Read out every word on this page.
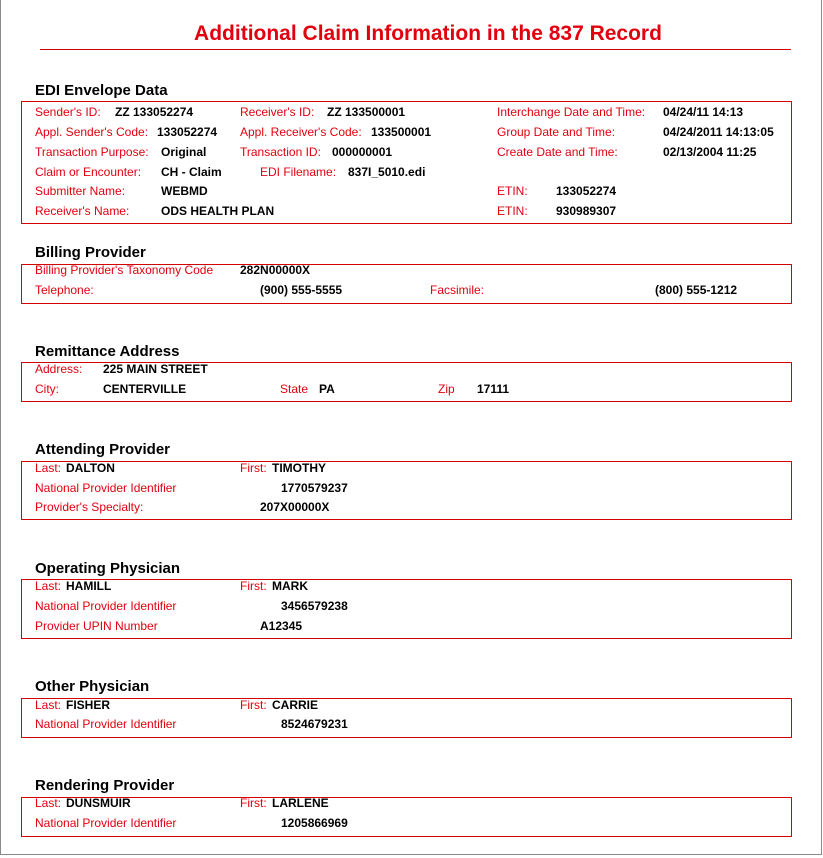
Additional Claim Information in the 837 Record
EDI Envelope Data
Sender's ID: ZZ 133052274	Receiver's ID: ZZ 133500001	Interchange Date and Time: 04/24/11 14:13
Appl. Sender's Code: 133052274 Appl. Receiver's Code: 133500001	Group Date and Time:	04/24/2011 14:13:05
Transaction Purpose: Original	Transaction ID: 000000001	Create Date and Time:	02/13/2004 11:25
Claim or Encounter: CH - Claim	EDI Filename: 837I_5010.edi
Submitter Name:	WEBMD	ETIN: 133052274
Receiver's Name:	ODS HEALTH PLAN	ETIN: 930989307
Billing Provider
Billing Provider's Taxonomy Code 282N00000X
Telephone:	(900) 555-5555	Facsimile:	(800) 555-1212
Remittance Address
Address: 225 MAIN STREET
City:	CENTERVILLE	State PA	Zip 17111
Attending Provider
Last: DALTON	First: TIMOTHY
National Provider Identifier	1770579237
Provider's Specialty:	207X00000X
Operating Physician
Last: HAMILL	First: MARK
National Provider Identifier	3456579238
Provider UPIN Number	A12345
Other Physician
Last: FISHER	First: CARRIE
National Provider Identifier	8524679231
Rendering Provider
Last: DUNSMUIR	First: LARLENE
National Provider Identifier	1205866969
